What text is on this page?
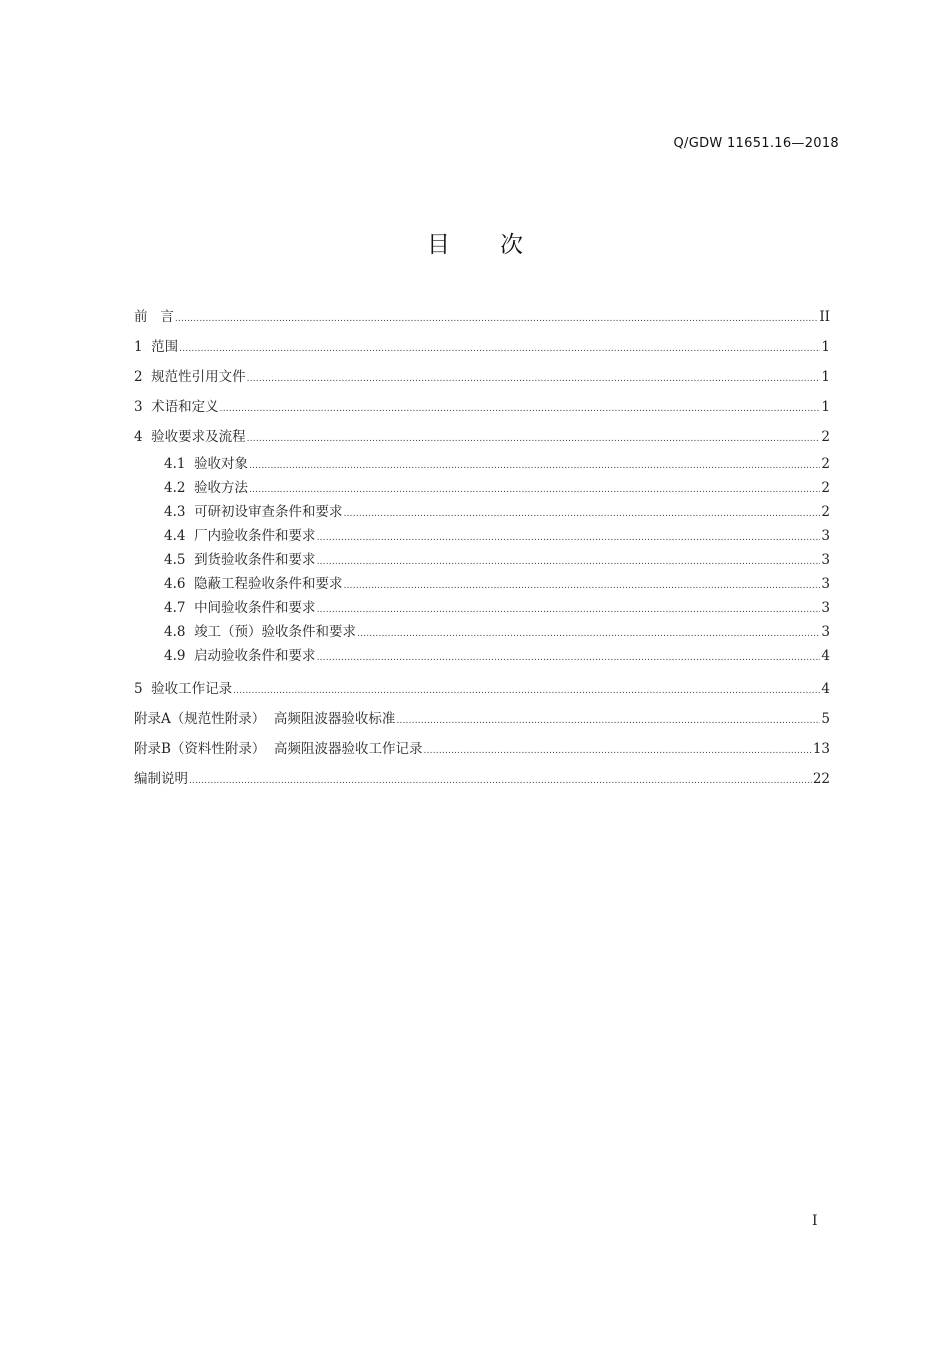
Q/GDW 11651.16—2018
目 次
前 言 .....	II
1 范围 .....	1
2 规范性引用文件 .....	1
3 术语和定义 .....	1
4 验收要求及流程 .....	2
4.1 验收对象 .....	2
4.2 验收方法 .....	2
4.3 可研初设审查条件和要求 .....	2
4.4 厂内验收条件和要求 .....	3
4.5 到货验收条件和要求 .....	3
4.6 隐蔽工程验收条件和要求 .....	3
4.7 中间验收条件和要求 .....	3
4.8 竣工（预）验收条件和要求 .....	3
4.9 启动验收条件和要求 .....	4
5 验收工作记录 .....	4
附录A（规范性附录）  高频阻波器验收标准 .....	5
附录B（资料性附录）  高频阻波器验收工作记录 .....	13
编制说明 .....	22
I
